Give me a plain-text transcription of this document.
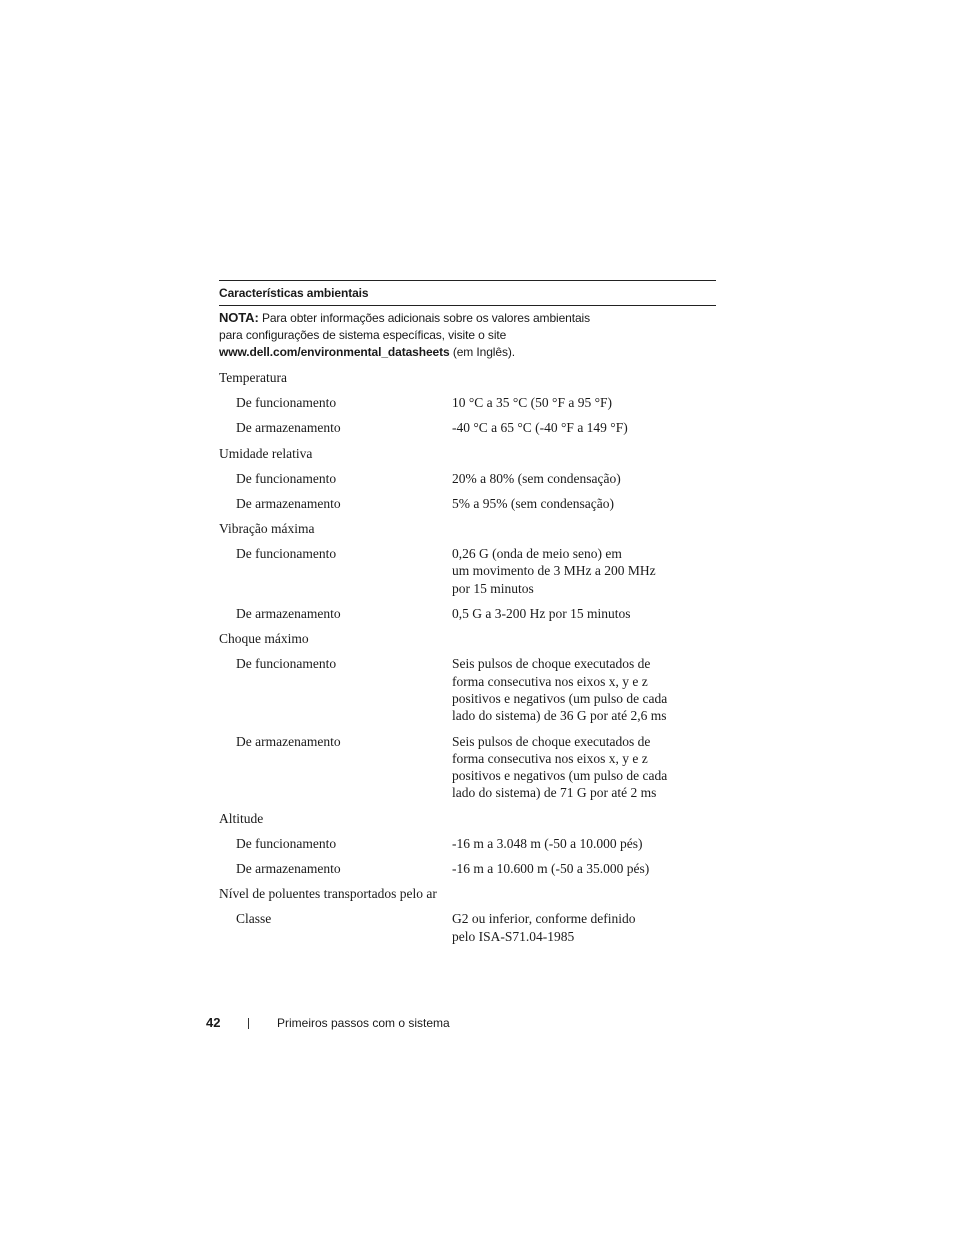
Características ambientais
NOTA: Para obter informações adicionais sobre os valores ambientais
para configurações de sistema específicas, visite o site
www.dell.com/environmental_datasheets (em Inglês).
Temperatura
De funcionamento	10 °C a 35 °C (50 °F a 95 °F)
De armazenamento	-40 °C a 65 °C (-40 °F a 149 °F)
Umidade relativa
De funcionamento	20% a 80% (sem condensação)
De armazenamento	5% a 95% (sem condensação)
Vibração máxima
De funcionamento	0,26 G (onda de meio seno) em
um movimento de 3 MHz a 200 MHz
por 15 minutos
De armazenamento	0,5 G a 3-200 Hz por 15 minutos
Choque máximo
De funcionamento	Seis pulsos de choque executados de
forma consecutiva nos eixos x, y e z
positivos e negativos (um pulso de cada
lado do sistema) de 36 G por até 2,6 ms
De armazenamento	Seis pulsos de choque executados de
forma consecutiva nos eixos x, y e z
positivos e negativos (um pulso de cada
lado do sistema) de 71 G por até 2 ms
Altitude
De funcionamento	-16 m a 3.048 m (-50 a 10.000 pés)
De armazenamento	-16 m a 10.600 m (-50 a 35.000 pés)
Nível de poluentes transportados pelo ar
Classe	G2 ou inferior, conforme definido
pelo ISA-S71.04-1985
42	Primeiros passos com o sistema
